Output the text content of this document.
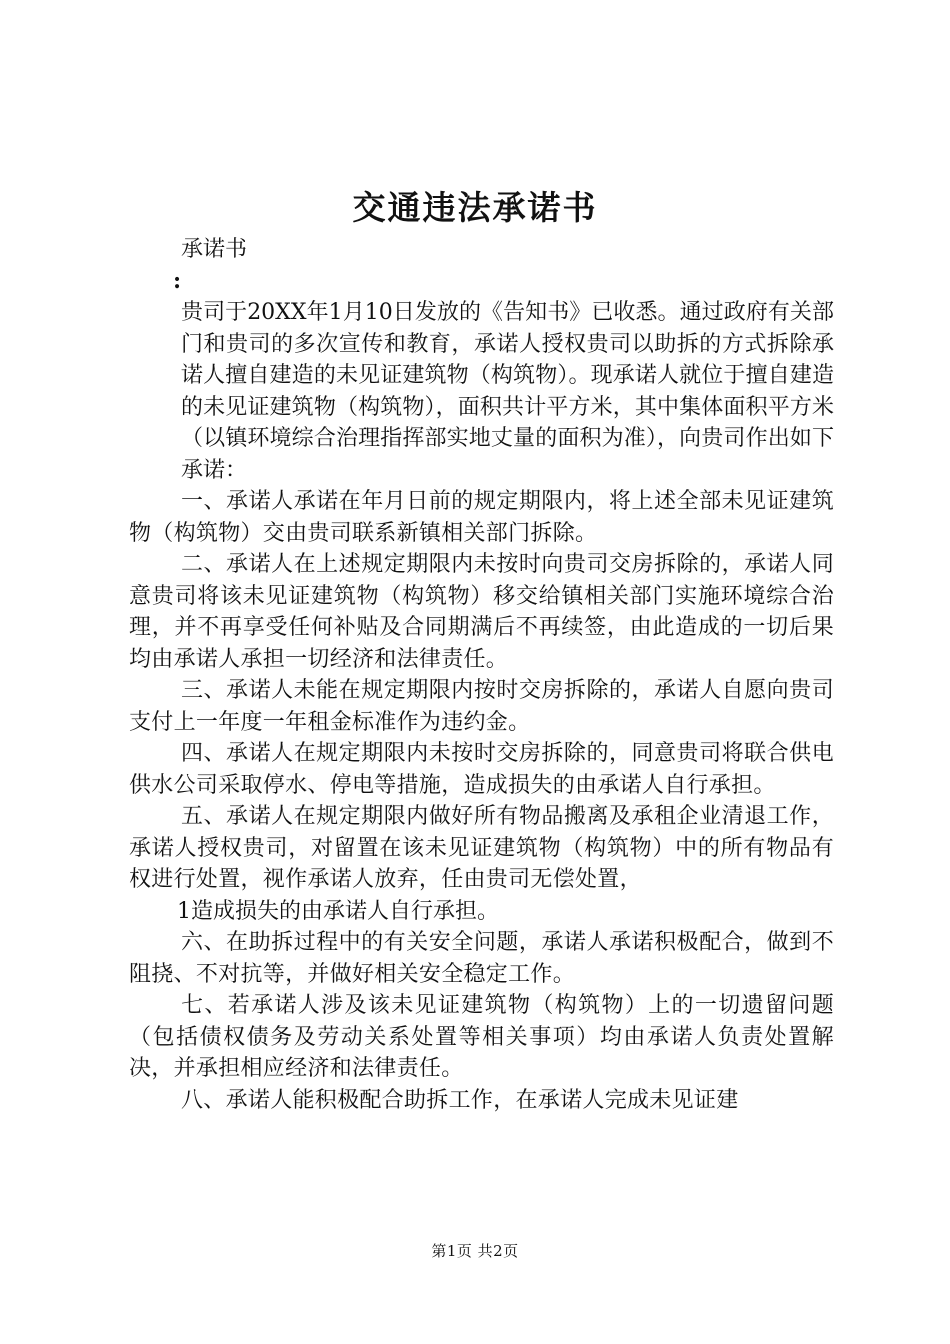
交通违法承诺书

承诺书

:

贵司于20XX年1月10日发放的《告知书》已收悉。通过政府有关部门和贵司的多次宣传和教育，承诺人授权贵司以助拆的方式拆除承诺人擅自建造的未见证建筑物（构筑物）。现承诺人就位于擅自建造的未见证建筑物（构筑物），面积共计平方米，其中集体面积平方米（以镇环境综合治理指挥部实地丈量的面积为准），向贵司作出如下承诺：

一、承诺人承诺在年月日前的规定期限内，将上述全部未见证建筑物（构筑物）交由贵司联系新镇相关部门拆除。

二、承诺人在上述规定期限内未按时向贵司交房拆除的，承诺人同意贵司将该未见证建筑物（构筑物）移交给镇相关部门实施环境综合治理，并不再享受任何补贴及合同期满后不再续签，由此造成的一切后果均由承诺人承担一切经济和法律责任。

三、承诺人未能在规定期限内按时交房拆除的，承诺人自愿向贵司支付上一年度一年租金标准作为违约金。

四、承诺人在规定期限内未按时交房拆除的，同意贵司将联合供电供水公司采取停水、停电等措施，造成损失的由承诺人自行承担。

五、承诺人在规定期限内做好所有物品搬离及承租企业清退工作，承诺人授权贵司，对留置在该未见证建筑物（构筑物）中的所有物品有权进行处置，视作承诺人放弃，任由贵司无偿处置，

1造成损失的由承诺人自行承担。

六、在助拆过程中的有关安全问题，承诺人承诺积极配合，做到不阻挠、不对抗等，并做好相关安全稳定工作。

七、若承诺人涉及该未见证建筑物（构筑物）上的一切遗留问题（包括债权债务及劳动关系处置等相关事项）均由承诺人负责处置解决，并承担相应经济和法律责任。

八、承诺人能积极配合助拆工作，在承诺人完成未见证建

第1页 共2页
